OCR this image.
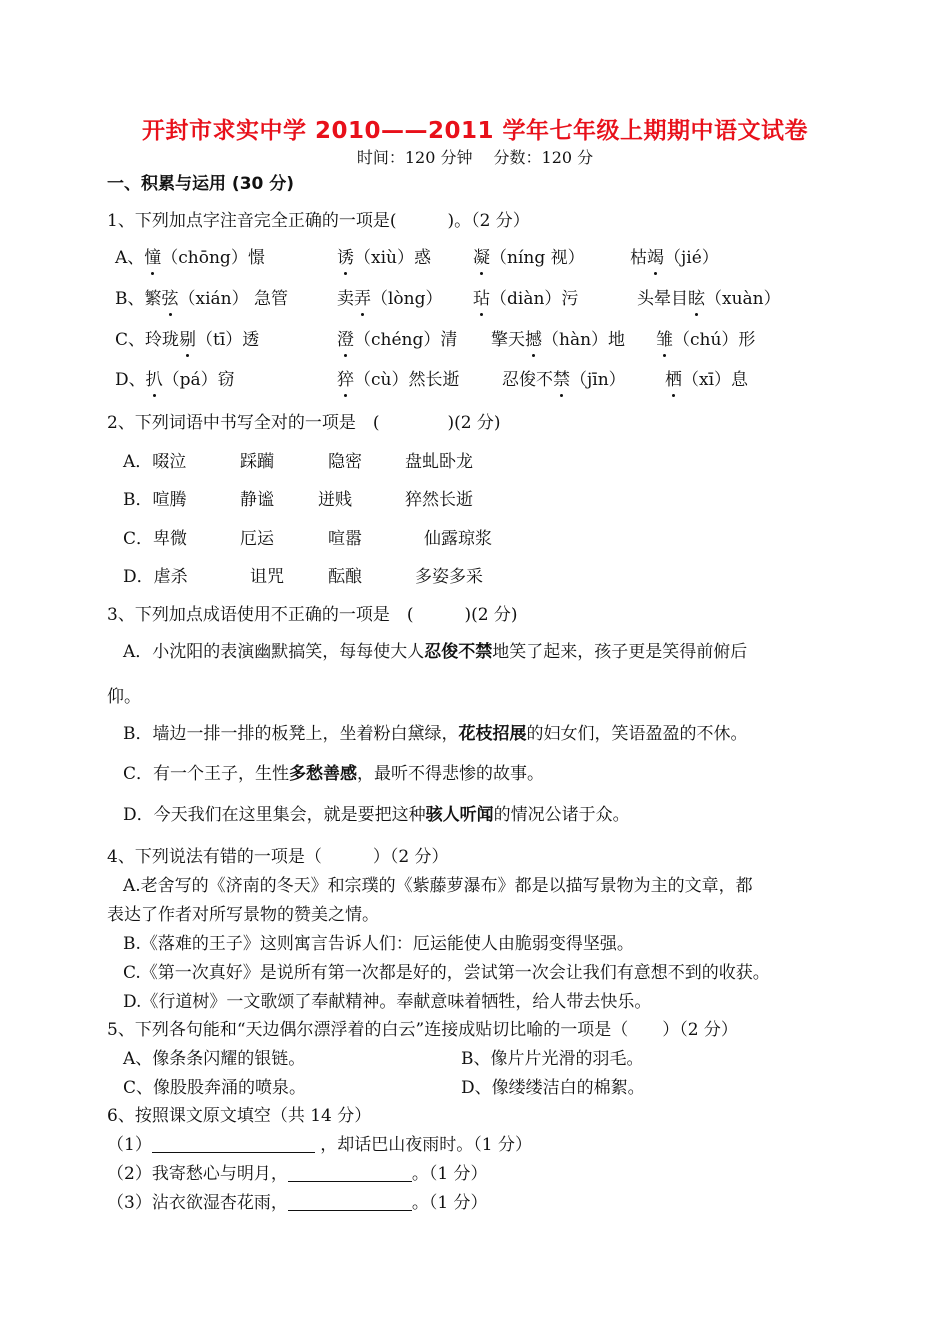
开封市求实中学 2010——2011 学年七年级上期期中语文试卷
时间：120 分钟　 分数：120 分
一、积累与运用 (30 分)
1、下列加点字注音完全正确的一项是(　　　)。（2 分）
A、憧（chōng）憬	诱（xiù）惑 凝（níng 视）	枯竭（jié）
B、繁弦（xián） 急管	卖弄（lòng） 玷（diàn）污	头晕目眩（xuàn）
C、玲珑剔（tī）透	澄（chéng）清 擎天撼（hàn）地 雏（chú）形
D、扒（pá）窃	猝（cù）然长逝	忍俊不禁（jīn） 栖（xī）息
2、下列词语中书写全对的一项是　(　　　　)(2 分)
A．啜泣	踩躏	隐密	盘虬卧龙
B．喧腾	静谧	迸贱	猝然长逝
C．卑微	厄运	喧嚣	仙露琼浆
D．虐杀	诅咒	酝酿	多姿多采
3、下列加点成语使用不正确的一项是　(　　　)(2 分)
A．小沈阳的表演幽默搞笑，每每使大人忍俊不禁地笑了起来，孩子更是笑得前俯后
仰。
B．墙边一排一排的板凳上，坐着粉白黛绿，花枝招展的妇女们，笑语盈盈的不休。
C．有一个王子，生性多愁善感，最听不得悲惨的故事。
D．今天我们在这里集会，就是要把这种骇人听闻的情况公诸于众。
4、下列说法有错的一项是（　　　）（2 分）
A.老舍写的《济南的冬天》和宗璞的《紫藤萝瀑布》都是以描写景物为主的文章，都
表达了作者对所写景物的赞美之情。
B.《落难的王子》这则寓言告诉人们：厄运能使人由脆弱变得坚强。
C.《第一次真好》是说所有第一次都是好的，尝试第一次会让我们有意想不到的收获。
D.《行道树》一文歌颂了奉献精神。奉献意味着牺牲，给人带去快乐。
5、下列各句能和“天边偶尔漂浮着的白云”连接成贴切比喻的一项是（　　）（2 分）
A、像条条闪耀的银链。	B、像片片光滑的羽毛。
C、像股股奔涌的喷泉。	D、像缕缕洁白的棉絮。
6、按照课文原文填空（共 14 分）
（1）	，却话巴山夜雨时。（1 分）
（2）我寄愁心与明月，	。（1 分）
（3）沾衣欲湿杏花雨，	。（1 分）
